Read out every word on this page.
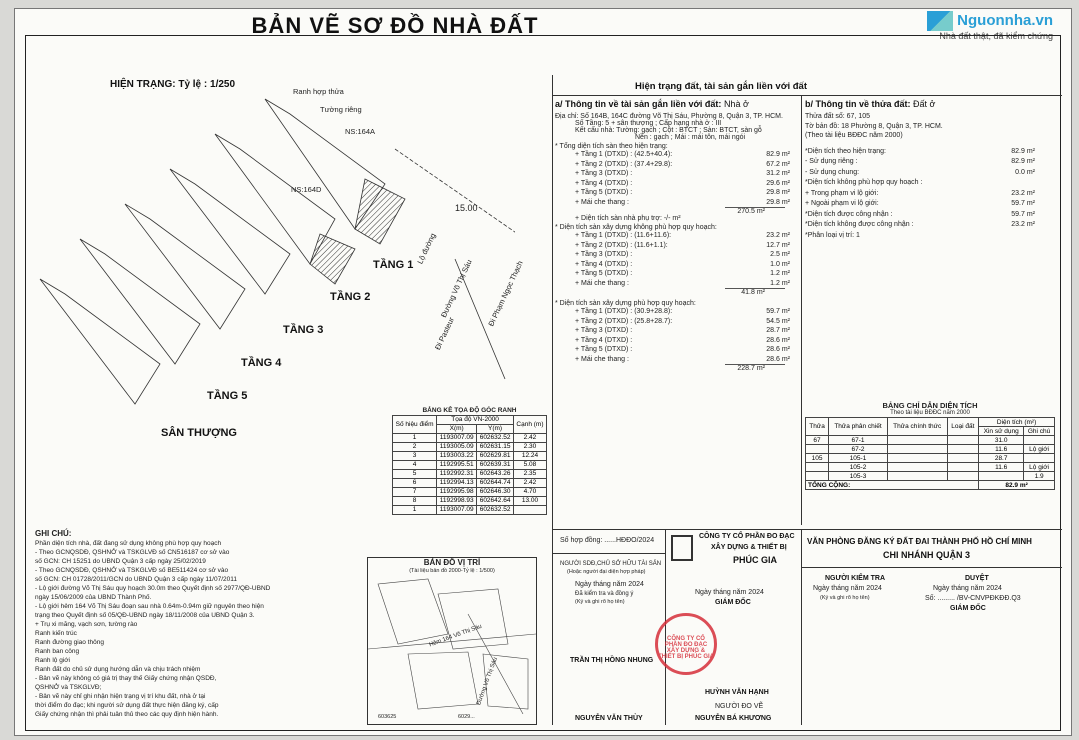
BẢN VẼ SƠ ĐỒ NHÀ ĐẤT	Nguonnha.vn
Nhà đất thật, đã kiểm chứng
HIỆN TRẠNG: Tỷ lệ : 1/250
Ranh hợp thửa
Tường riêng
NS:164A
NS:164D
15.00
Lộ đường
Đường Võ Thị Sáu Đi Phạm Ngọc Thạch
Đi Pasteur
TẦNG 1
TẦNG 2
TẦNG 3
TẦNG 4
TẦNG 5
SÂN THƯỢNG
BẢNG KÊ TỌA ĐỘ GÓC RANH
Số hiệu điểm	Tọa độ VN-2000		Cạnh (m)
	X(m)	Y(m)	
1	1193007.09	602632.52	2.42
2	1193005.09	602631.15	2.30
3	1193003.22	602629.81	12.24
4	1192995.51	602639.31	5.08
5	1192992.31	602643.26	2.35
6	1192994.13	602644.74	2.42
7	1192995.98	602646.30	4.70
8	1192998.93	602642.64	13.00
1	1193007.09	602632.52	
GHI CHÚ:
Phần diện tích nhà, đất đang sử dụng không phù hợp quy hoạch
- Theo GCNQSDĐ, QSHNỞ và TSKGLVĐ số CN516187 cơ sở vào
số GCN: CH 15251 do UBND Quận 3 cấp ngày 25/02/2019
- Theo GCNQSDĐ, QSHNỞ và TSKGLVĐ số BE511424 cơ sở vào
số GCN: CH 01728/2011/GCN do UBND Quận 3 cấp ngày 11/07/2011
- Lộ giới đường Võ Thị Sáu quy hoạch 30.0m theo Quyết định số 2977/QĐ-UBND
ngày 15/06/2009 của UBND Thành Phố.
- Lộ giới hẻm 164 Võ Thị Sáu đoạn sau nhà 0.64m-0.94m giữ nguyên theo hiện
trạng theo Quyết định số 05/QĐ-UBND ngày 18/11/2008 của UBND Quận 3.
+ Trụ xi măng, vạch sơn, tường rào
Ranh kiến trúc
Ranh đường giao thông
Ranh ban công
Ranh lộ giới
Ranh đất do chủ sử dụng hướng dẫn và chịu trách nhiệm
- Bản vẽ này không có giá trị thay thế Giấy chứng nhận QSDĐ,
QSHNỞ và TSKGLVĐ;
- Bản vẽ này chỉ ghi nhận hiện trạng vị trí khu đất, nhà ở tại
thời điểm đo đạc; khi người sử dụng đất thực hiện đăng ký, cấp
Giấy chứng nhận thì phải tuân thủ theo các quy định hiện hành.
BẢN ĐỒ VỊ TRÍ
(Tài liệu bản đồ 2000-Tỷ lệ : 1/500)
Đường Võ Thị Sáu
Hẻm 164 Võ Thị Sáu
603625	6029...
Hiện trạng đất, tài sản gắn liền với đất
a/ Thông tin về tài sản gắn liền với đất: Nhà ở
Địa chỉ: Số 164B, 164C đường Võ Thị Sáu, Phường 8, Quận 3, TP. HCM.
Số Tầng: 5 + sân thượng ; Cấp hạng nhà ở : III
Kết cấu nhà: Tường: gạch ; Cột : BTCT ; Sàn: BTCT, sàn gỗ
Nền : gạch ; Mái : mái tôn, mái ngói
* Tổng diện tích sàn theo hiện trạng:
+ Tầng 1 (DTXD) : (42.5+40.4):	82.9 m²
+ Tầng 2 (DTXD) : (37.4+29.8):	67.2 m²
+ Tầng 3 (DTXD) :	31.2 m²
+ Tầng 4 (DTXD) :	29.6 m²
+ Tầng 5 (DTXD) :	29.8 m²
+ Mái che thang :	29.8 m²
270.5 m²
+ Diện tích sàn nhà phụ trợ: -/- m²
* Diện tích sàn xây dựng không phù hợp quy hoạch:
+ Tầng 1 (DTXD) : (11.6+11.6):	23.2 m²
+ Tầng 2 (DTXD) : (11.6+1.1):	12.7 m²
+ Tầng 3 (DTXD) :	2.5 m²
+ Tầng 4 (DTXD) :	1.0 m²
+ Tầng 5 (DTXD) :	1.2 m²
+ Mái che thang :	1.2 m²
41.8 m²
* Diện tích sàn xây dựng phù hợp quy hoạch:
+ Tầng 1 (DTXD) : (30.9+28.8):	59.7 m²
+ Tầng 2 (DTXD) : (25.8+28.7):	54.5 m²
+ Tầng 3 (DTXD) :	28.7 m²
+ Tầng 4 (DTXD) :	28.6 m²
+ Tầng 5 (DTXD) :	28.6 m²
+ Mái che thang :	28.6 m²
228.7 m²
b/ Thông tin về thửa đất: Đất ở
Thửa đất số: 67, 105
Tờ bản đồ: 18 Phường 8, Quận 3, TP. HCM.
(Theo tài liệu BĐĐC năm 2000)
*Diện tích theo hiện trạng:	82.9 m²
- Sử dụng riêng :	82.9 m²
- Sử dụng chung:	0.0 m²
*Diện tích không phù hợp quy hoạch :
+ Trong phạm vi lộ giới:	23.2 m²
+ Ngoài phạm vi lộ giới:	59.7 m²
*Diện tích được công nhận :	59.7 m²
*Diện tích không được công nhận :	23.2 m²
*Phân loại vị trí: 1
BẢNG CHỈ DẪN DIỆN TÍCH
Theo tài liệu BĐĐC năm 2000
Thửa	Thửa phân chiết	Thửa chính thức	Loại đất	Diện tích (m²)	
				Xin sử dụng	Ghi chú
67	67-1			31.0	
	67-2			11.6	Lộ giới
105	105-1			28.7	
	105-2			11.6	Lộ giới
	105-3				1.9
TỔNG CỘNG:				82.9 m²	
Số hợp đồng: ......HĐĐO/2024
NGƯỜI SDĐ,CHỦ SỞ HỮU TÀI SẢN
(Hoặc người đại diện hợp pháp)
Ngày tháng năm 2024
Đã kiểm tra và đồng ý
(Ký và ghi rõ họ tên)
TRẦN THỊ HỒNG NHUNG
NGUYỄN VĂN THÙY
CÔNG TY CỔ PHẦN ĐO ĐẠC
XÂY DỰNG & THIẾT BỊ
PHÚC GIA
Ngày tháng năm 2024
GIÁM ĐỐC
CÔNG TY CỔ PHẦN ĐO ĐẠC XÂY DỰNG & THIẾT BỊ PHÚC GIA
HUỲNH VĂN HẠNH
NGƯỜI ĐO VẼ
NGUYỄN BÁ KHƯƠNG
VĂN PHÒNG ĐĂNG KÝ ĐẤT ĐAI THÀNH PHỐ HỒ CHÍ MINH
CHI NHÁNH QUẬN 3
NGƯỜI KIỂM TRA
Ngày tháng năm 2024
(Ký và ghi rõ họ tên)
DUYỆT
Ngày tháng năm 2024
Số: ......... /BV-CNVPĐKĐĐ.Q3
GIÁM ĐỐC
